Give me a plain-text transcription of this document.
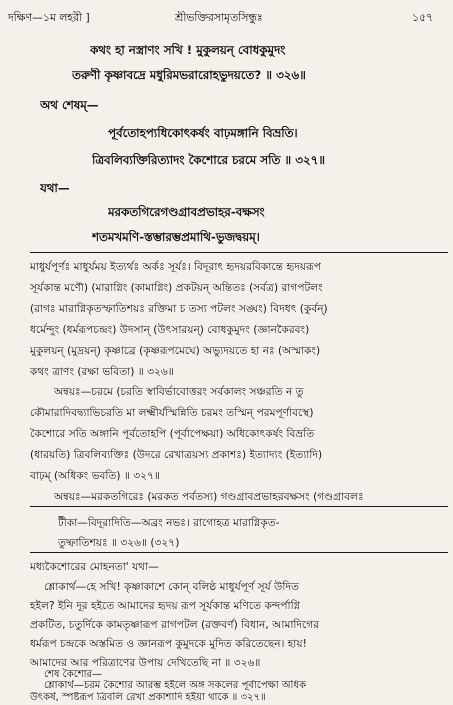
দক্ষিণ—১ম লহরী ]	শ্রীভক্তিরসামৃতসিন্ধুঃ	১৫৭
কথং হা নস্ত্রাণং সখি ! মুকুলয়ন্‌ বোধকুমুদং
তরুণী কৃষ্ণাবদ্রে মধুরিমভরারোহভুদয়তে? ॥ ৩২৬॥
অথ শেষম্‌—
পূর্বতোহপ্যধিকোৎকর্ষং বাঢ়মঙ্গানি বিভ্রতি।
ত্রিবলিব্যক্তিরিত্যাদং কৈশোরে চরমে সতি ॥ ৩২৭॥
যথা—
মরকতগিরেগণ্ডগ্রাবপ্রভাহর-বক্ষসং
শতমখমণি-স্তম্ভারম্ভপ্রমাথি-ভুজদ্বয়ম্‌।
মাধুর্যপূর্ণঃ মাধুর্যময় ইত্যর্থঃ অর্কঃ সূর্যঃ। বিদূরাৎ হৃদয়রবিকান্তে হৃদয়রূপ
সূর্যকান্ত মণৌ) (মারাগ্নিং (কামাগ্নিং) প্রকটয়ন্‌ অন্তিতঃ (সর্বত্র) রাগপটলং
(রাগঃ মারাগ্নিকৃতস্ফাতিশয়ঃ রক্তিমা চ তস্য পটলং সঙ্ঘং) বিদধৎ (কুর্বন্‌)
ধর্মেন্দুং (ধর্মরূপচন্দ্রং) উদসান্‌ (উৎসারয়ন্‌) বোধকুমুদং (জ্ঞানকৈরবং)
মুকুলয়ন্‌ (মুদ্রয়ন্‌) কৃষ্ণাব্রে (কৃষ্ণরূপমেঘে) অভ্যুদয়তে হা নঃ (অস্মাকং)
কথং ত্রাণং (রক্ষা ভবিতা) ॥ ৩২৬॥
অন্বয়ঃ—চরমে (চরতি স্বাবির্ভাবোত্তরং সর্বকালং সঞ্চরতি ন তু
কৌমারাদিবদ্ব্যাভিচরতি মা লক্ষ্মীর্যস্মিন্নিতি চরমং তস্মিন্‌ পরমপূর্ণাবস্থে)
কৈশোরে সতি অঙ্গানি পূর্বতোহপি (পূর্বাপেক্ষয়া) অধিকোৎকর্ষং বিভ্রতি
(ধারয়তি) ত্রিবলিব্যক্তিঃ (উদরে রেখাত্রয়স্য প্রকাশঃ) ইত্যাদ্যং (ইত্যাদি)
বাঢ়ম্‌ (অধিকং ভবতি) ॥ ৩২৭॥
অন্বয়ঃ—মরকতগিরেঃ (মরকত পর্বতস্য) গণ্ডগ্রাবপ্রভাহরবক্ষসং (গণ্ডগ্রাবলঃ
টীকা—বিদূরাদিতি—অব্রং নভঃ। রাগোহত্র মারাগ্নিকৃত-
তুষ্ফাতিশয়ঃ ॥ ৩২৬॥ (৩২৭)
মধ্যকৈশোরের মোহনতা' যথা—
শ্লোকার্থ—হে সখি! কৃষ্ণাকাশে কোন্‌ বলিষ্ঠ মাধুর্যপূর্ণ সূর্য উদিত
হইল? ইনি দূর হইতে আমাদের হৃদয় রূপ সূর্যকান্ত মণিতে কন্দর্পাগ্নি
প্রকটিত, চতুর্দিকে কামতৃষ্ণারূপ রাগপটল (রক্তবর্ণ) বিধান, আমাদিগের
ধর্মরূপ চন্দ্রকে অস্তমিত ও জ্ঞানরূপ কুমুদকে মুদিত করিতেছেন। হায়!
আমাদের আর পরিত্রাণের উপায় দেখিতেছি না ॥ ৩২৬॥
শেষ কৈশোর—
শ্লোকার্থ—চরম কৈশোর আরম্ভ হইলে অঙ্গ সকলের পূর্বাপেক্ষা অধিক
উৎকর্ষ, স্পষ্টরূপ ত্রিবলি রেখা প্রকাশাদি হইয়া থাকে ॥ ৩২৭॥
